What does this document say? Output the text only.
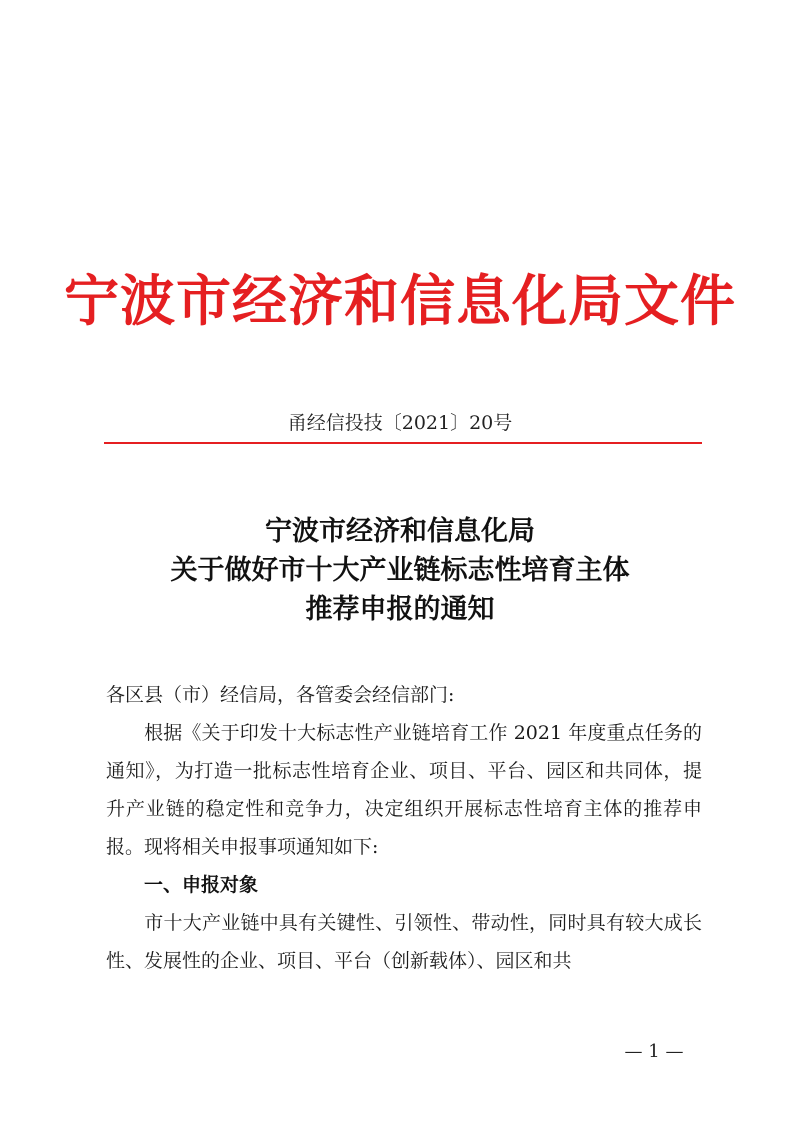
宁波市经济和信息化局文件
甬经信投技〔2021〕20号
宁波市经济和信息化局
关于做好市十大产业链标志性培育主体
推荐申报的通知
各区县（市）经信局，各管委会经信部门:
根据《关于印发十大标志性产业链培育工作 2021 年度重点任务的通知》，为打造一批标志性培育企业、项目、平台、园区和共同体，提升产业链的稳定性和竞争力，决定组织开展标志性培育主体的推荐申报。现将相关申报事项通知如下:
一、申报对象
市十大产业链中具有关键性、引领性、带动性，同时具有较大成长性、发展性的企业、项目、平台（创新载体）、园区和共
— 1 —
